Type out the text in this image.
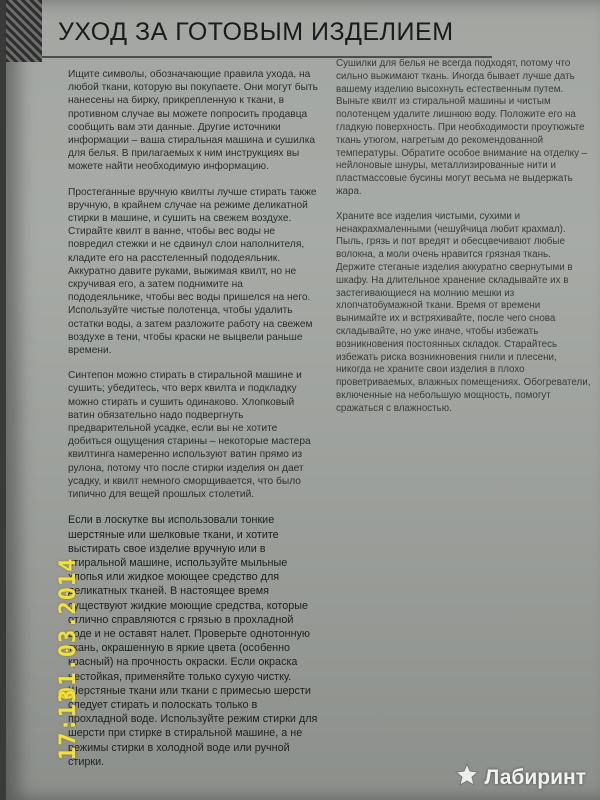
УХОД ЗА ГОТОВЫМ ИЗДЕЛИЕМ

Ищите символы, обозначающие правила ухода, на любой ткани, которую вы покупаете. Они могут быть нанесены на бирку, прикрепленную к ткани, в противном случае вы можете попросить продавца сообщить вам эти данные. Другие источники информации – ваша стиральная машина и сушилка для белья. В прилагаемых к ним инструкциях вы можете найти необходимую информацию.

Простеганные вручную квилты лучше стирать также вручную, в крайнем случае на режиме деликатной стирки в машине, и сушить на свежем воздухе. Стирайте квилт в ванне, чтобы вес воды не повредил стежки и не сдвинул слои наполнителя, кладите его на расстеленный пододеяльник. Аккуратно давите руками, выжимая квилт, но не скручивая его, а затем поднимите на пододеяльнике, чтобы вес воды пришелся на него. Используйте чистые полотенца, чтобы удалить остатки воды, а затем разложите работу на свежем воздухе в тени, чтобы краски не выцвели раньше времени.

Синтепон можно стирать в стиральной машине и сушить; убедитесь, что верх квилта и подкладку можно стирать и сушить одинаково. Хлопковый ватин обязательно надо подвергнуть предварительной усадке, если вы не хотите добиться ощущения старины – некоторые мастера квилтинга намеренно используют ватин прямо из рулона, потому что после стирки изделия он дает усадку, и квилт немного сморщивается, что было типично для вещей прошлых столетий.

Если в лоскутке вы использовали тонкие шерстяные или шелковые ткани, и хотите выстирать свое изделие вручную или в стиральной машине, используйте мыльные хлопья или жидкое моющее средство для деликатных тканей. В настоящее время существуют жидкие моющие средства, которые отлично справляются с грязью в прохладной воде и не оставят налет. Проверьте однотонную ткань, окрашенную в яркие цвета (особенно красный) на прочность окраски. Если окраска нестойкая, применяйте только сухую чистку. Шерстяные ткани или ткани с примесью шерсти следует стирать и полоскать только в прохладной воде. Используйте режим стирки для шерсти при стирке в стиральной машине, а не режимы стирки в холодной воде или ручной стирки.

Сушилки для белья не всегда подходят, потому что сильно выжимают ткань. Иногда бывает лучше дать вашему изделию высохнуть естественным путем. Выньте квилт из стиральной машины и чистым полотенцем удалите лишнюю воду. Положите его на гладкую поверхность. При необходимости проутюжьте ткань утюгом, нагретым до рекомендованной температуры. Обратите особое внимание на отделку – нейлоновые шнуры, металлизированные нити и пластмассовые бусины могут весьма не выдержать жара.

Храните все изделия чистыми, сухими и ненакрахмаленными (чешуйчица любит крахмал). Пыль, грязь и пот вредят и обесцвечивают любые волокна, а моли очень нравится грязная ткань. Держите стеганые изделия аккуратно свернутыми в шкафу. На длительное хранение складывайте их в застегивающиеся на молнию мешки из хлопчатобумажной ткани. Время от времени вынимайте их и встряхивайте, после чего снова складывайте, но уже иначе, чтобы избежать возникновения постоянных складок. Старайтесь избежать риска возникновения гнили и плесени, никогда не храните свои изделия в плохо проветриваемых, влажных помещениях. Обогреватели, включенные на небольшую мощность, помогут сражаться с влажностью.

01.03.2014
17:13
Лабиринт
